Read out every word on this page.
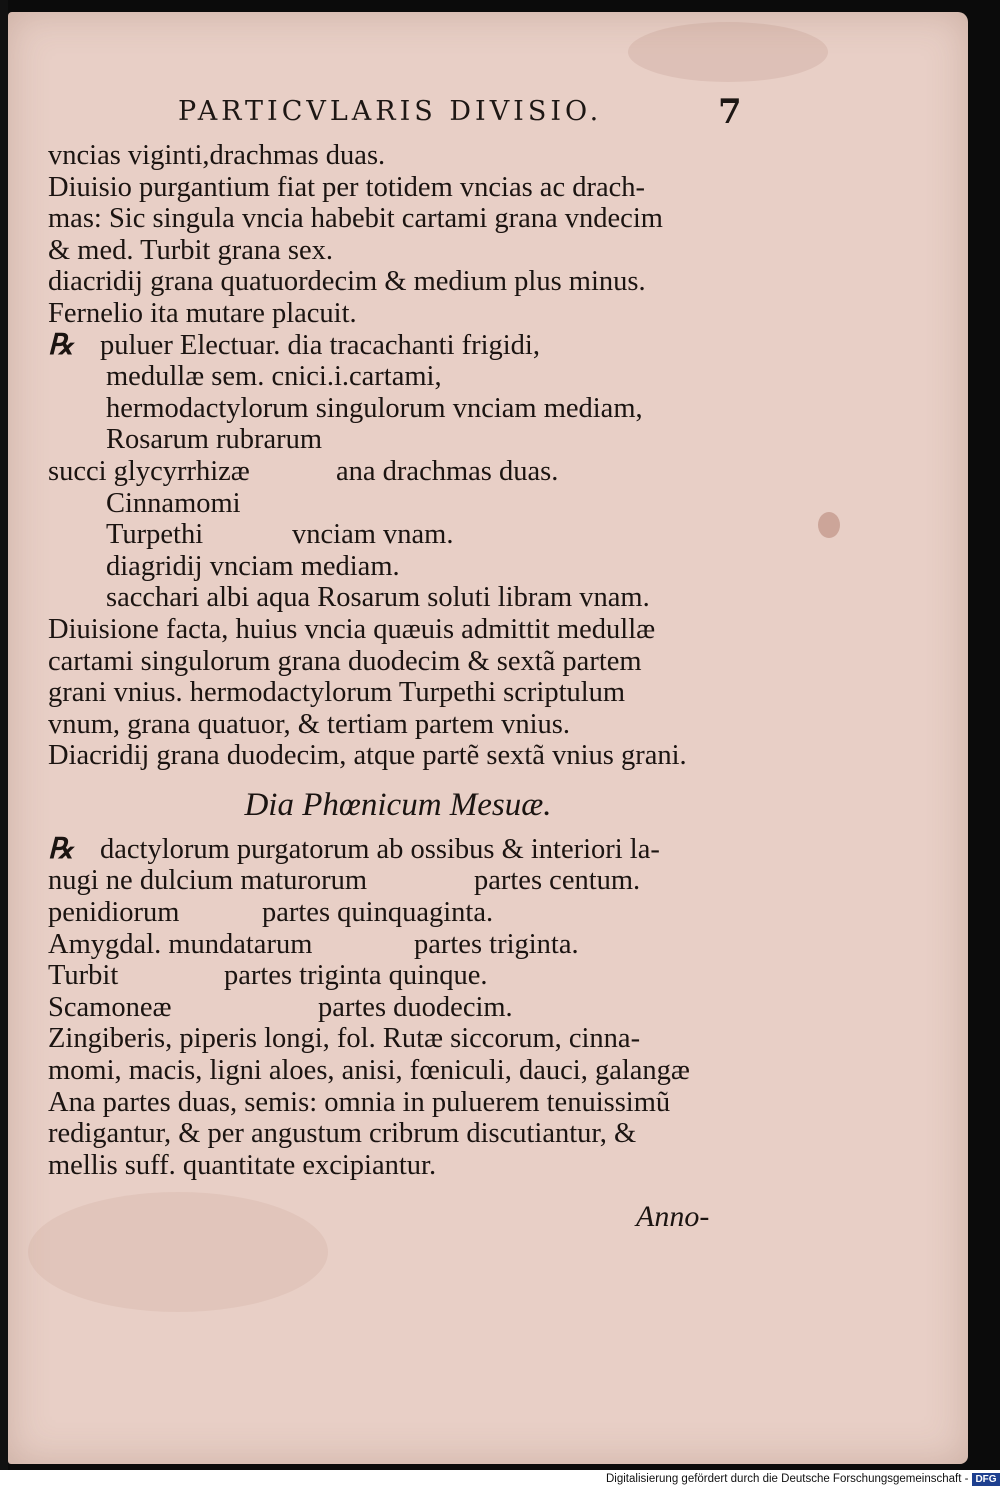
PARTICVLARIS DIVISIO.	7
vncias viginti,drachmas duas.
Diuisio purgantium fiat per totidem vncias ac drach-
mas: Sic singula vncia habebit cartami grana vndecim
& med. Turbit grana sex.
diacridij grana quatuordecim & medium plus minus.
Fernelio ita mutare placuit.
℞ puluer Electuar. dia tracachanti frigidi,
medullæ sem. cnici.i.cartami,
hermodactylorum singulorum vnciam mediam,
Rosarum rubrarum
succi glycyrrhizæ	ana drachmas duas.
Cinnamomi
Turpethi	vnciam vnam.
diagridij vnciam mediam.
sacchari albi aqua Rosarum soluti libram vnam.
Diuisione facta, huius vncia quæuis admittit medullæ
cartami singulorum grana duodecim & sextã partem
grani vnius. hermodactylorum Turpethi scriptulum
vnum, grana quatuor, & tertiam partem vnius.
Diacridij grana duodecim, atque partẽ sextã vnius grani.
Dia Phœnicum Mesuæ.
℞ dactylorum purgatorum ab ossibus & interiori la-
nugi ne dulcium maturorum	partes centum.
penidiorum	partes quinquaginta.
Amygdal. mundatarum	partes triginta.
Turbit	partes triginta quinque.
Scamoneæ	partes duodecim.
Zingiberis, piperis longi, fol. Rutæ siccorum, cinna-
momi, macis, ligni aloes, anisi, fœniculi, dauci, galangæ
Ana partes duas, semis: omnia in puluerem tenuissimũ
redigantur, & per angustum cribrum discutiantur, &
mellis suff. quantitate excipiantur.
Anno-
Digitalisierung gefördert durch die Deutsche Forschungsgemeinschaft - DFG
